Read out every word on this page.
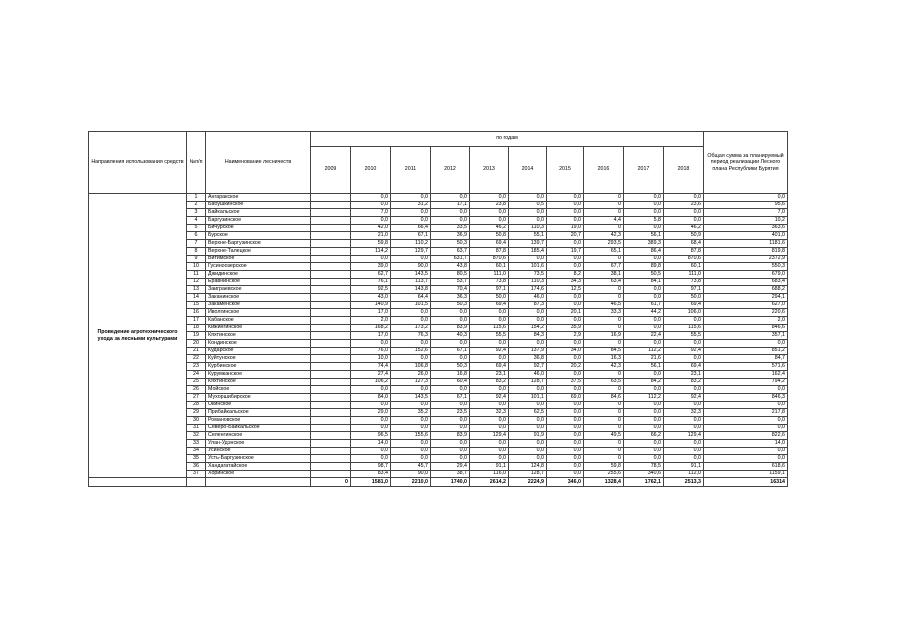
Направления использования средств	№п/п	Наименование лесничеств	по годам										Общая сумма за планируемый период реализации Лесного плана Республики Бурятия
			2009	2010	2011	2012	2013	2014	2015	2016	2017	2018	
Проведение агротехнического ухода за лесными культурами	1	Ангаракское		0,0	0,0	0,0	0,0	0,0	0,0	0	0,0	0,0	0,0
	2	Бабушкинское		0,0	31,2	17,1	23,8	0,5	0,0	0	0,0	23,6	95,6
	3	Байкальское		7,0	0,0	0,0	0,0	0,0	0,0	0	0,0	0,0	7,0
	4	Баргузинское		0,0	0,0	0,0	0,0	0,0	0,0	4,4	5,8	0,0	10,2
	5	Бичурское		42,0	66,4	33,5	46,2	110,3	19,0	0	0,0	46,2	363,6
	6	Бурское		21,0	67,1	36,9	50,8	55,1	20,7	42,3	56,1	50,9	401,0
	7	Верхне-Баргузинское		59,8	110,2	50,3	69,4	139,7	0,0	293,5	389,3	68,4	1181,6
	8	Верхне-Талецкое		114,2	129,7	63,7	87,8	185,4	19,7	65,1	86,4	87,8	819,8
	9	Витимское		0,0	0,0	631,7	870,6	0,0	0,0	0	0,0	870,6	2372,9
	10	Гусиноозерское		39,0	90,0	43,8	60,1	101,6	0,0	67,7	89,8	60,1	550,3
	11	Джидинское		62,7	143,5	80,5	111,0	73,5	8,2	38,1	50,5	111,0	679,0
	12	Еравнинское		76,1	113,7	53,7	73,8	110,3	34,3	63,4	84,1	73,8	683,4
	13	Заиграевское		92,5	143,8	70,4	97,1	174,6	12,5	0	0,0	97,1	688,2
	14	Заканинское		43,0	64,4	36,3	50,0	46,0	0,0	0	0,0	50,0	294,1
	15	Закаменское		140,9	101,5	50,3	69,4	87,3	0,0	46,5	61,7	69,4	627,0
	16	Иволгинское		17,0	0,0	0,0	0,0	0,0	20,1	33,3	44,2	106,0	220,6
	17	Кабанское		2,0	0,0	0,0	0,0	0,0	0,0	0	0,0	0,0	2,0
	18	Кижингинское		168,2	173,2	83,9	115,6	154,2	35,9	0	0,0	115,6	846,6
	19	Кяхтинское		17,0	76,3	40,3	55,5	84,3	2,9	16,9	22,4	55,5	357,1
	20	Кондинское		0,0	0,0	0,0	0,0	0,0	0,0	0	0,0	0,0	0,0
	21	Кударское		76,0	152,6	67,1	92,4	137,9	34,0	84,5	112,2	92,4	851,2
	22	Куйтунское		10,0	0,0	0,0	0,0	36,8	0,0	16,3	21,6	0,0	84,7
	23	Курбинское		74,4	106,8	50,3	69,4	92,7	20,2	42,3	56,1	69,4	571,6
	24	Курумканское		27,4	26,0	16,8	23,1	46,0	0,0	0	0,0	23,1	162,4
	25	Кяхтинское		106,2	127,3	60,4	83,2	128,7	37,5	63,5	84,2	83,2	794,2
	26	Мойское		0,0	0,0	0,0	0,0	0,0	0,0	0	0,0	0,0	0,0
	27	Мухоршибирское		84,0	143,5	67,1	92,4	101,1	69,0	84,6	112,2	92,4	846,3
	28	Окинское		0,0	0,0	0,0	0,0	0,0	0,0	0	0,0	0,0	0,0
	29	Прибайкальское		29,0	35,2	23,5	32,3	62,5	0,0	0	0,0	32,3	217,8
	30	Романовское		0,0	0,0	0,0	0,0	0,0	0,0	0	0,0	0,0	0,0
	31	Северо-Байкальское		0,0	0,0	0,0	0,0	0,0	0,0	0	0,0	0,0	0,0
	32	Селенгинское		96,5	155,6	83,9	129,4	91,9	0,0	49,5	66,2	129,4	822,6
	33	Улан-Удэнское		14,0	0,0	0,0	0,0	0,0	0,0	0	0,0	0,0	14,0
	34	Усинское		0,0	0,0	0,0	0,0	0,0	0,0	0	0,0	0,0	0,0
	35	Усть-Баргузинское		0,0	0,0	0,0	0,0	0,0	0,0	0	0,0	0,0	0,0
	36	Хандагатайское		98,7	45,7	29,4	91,1	124,8	0,0	59,8	78,5	91,1	618,6
	37	Хоринское		83,4	90,0	38,7	116,0	128,7	0,0	255,6	340,6	112,0	1159,1
			0	1581,0	2210,0	1740,0	2614,2	2224,9	346,0	1328,4	1762,1	2513,3	16314
